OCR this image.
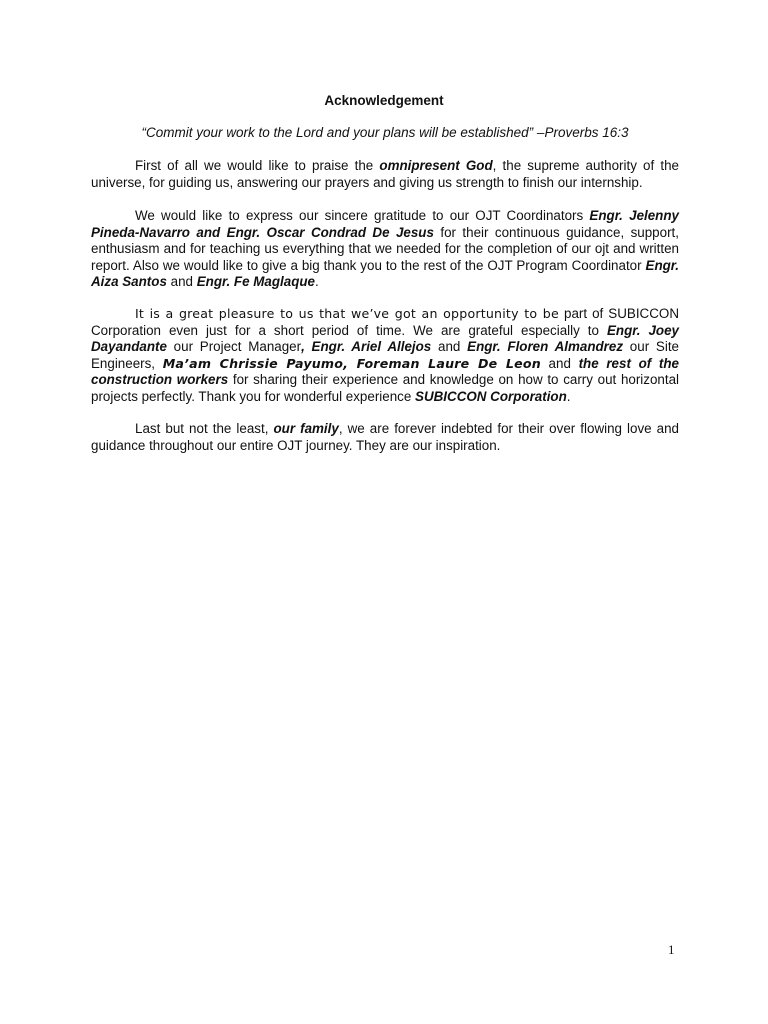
Acknowledgement
“Commit your work to the Lord and your plans will be established” –Proverbs 16:3

First of all we would like to praise the omnipresent God, the supreme authority of the universe, for guiding us, answering our prayers and giving us strength to finish our internship.

We would like to express our sincere gratitude to our OJT Coordinators Engr. Jelenny Pineda-Navarro and Engr. Oscar Condrad De Jesus for their continuous guidance, support, enthusiasm and for teaching us everything that we needed for the completion of our ojt and written report. Also we would like to give a big thank you to the rest of the OJT Program Coordinator Engr. Aiza Santos and Engr. Fe Maglaque.

It is a great pleasure to us that we’ve got an opportunity to be part of SUBICCON Corporation even just for a short period of time. We are grateful especially to Engr. Joey Dayandante our Project Manager, Engr. Ariel Allejos and Engr. Floren Almandrez our Site Engineers, Ma’am Chrissie Payumo, Foreman Laure De Leon and the rest of the construction workers for sharing their experience and knowledge on how to carry out horizontal projects perfectly. Thank you for wonderful experience SUBICCON Corporation.

Last but not the least, our family, we are forever indebted for their over flowing love and guidance throughout our entire OJT journey. They are our inspiration.

1
